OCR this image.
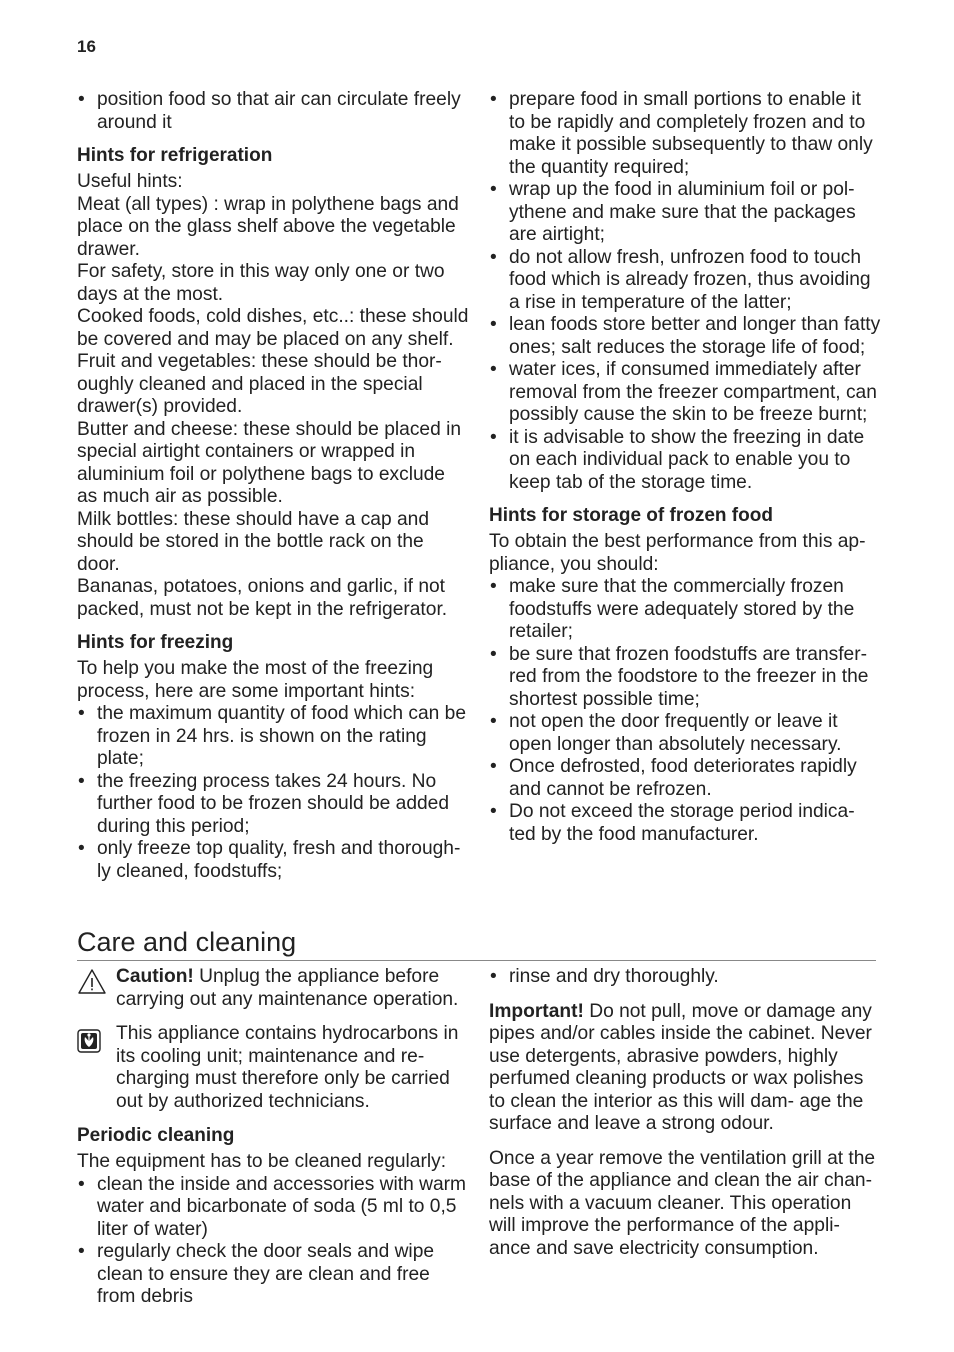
16
• position food so that air can circulate freely around it
Hints for refrigeration

Useful hints:

Meat (all types) : wrap in polythene bags and place on the glass shelf above the vegetable drawer.

For safety, store in this way only one or two days at the most.

Cooked foods, cold dishes, etc..: these should be covered and may be placed on any shelf.

Fruit and vegetables: these should be thor- oughly cleaned and placed in the special drawer(s) provided.

Butter and cheese: these should be placed in special airtight containers or wrapped in aluminium foil or polythene bags to exclude as much air as possible.

Milk bottles: these should have a cap and should be stored in the bottle rack on the door.

Bananas, potatoes, onions and garlic, if not packed, must not be kept in the refrigerator.

Hints for freezing

To help you make the most of the freezing process, here are some important hints:

• the maximum quantity of food which can be frozen in 24 hrs. is shown on the rating plate;
• the freezing process takes 24 hours. No further food to be frozen should be added during this period;
• only freeze top quality, fresh and thorough- ly cleaned, foodstuffs;
• prepare food in small portions to enable it to be rapidly and completely frozen and to make it possible subsequently to thaw only the quantity required;
• wrap up the food in aluminium foil or pol- ythene and make sure that the packages are airtight;
• do not allow fresh, unfrozen food to touch food which is already frozen, thus avoiding a rise in temperature of the latter;
• lean foods store better and longer than fatty ones; salt reduces the storage life of food;
• water ices, if consumed immediately after removal from the freezer compartment, can possibly cause the skin to be freeze burnt;
• it is advisable to show the freezing in date on each individual pack to enable you to keep tab of the storage time.
Hints for storage of frozen food

To obtain the best performance from this ap- pliance, you should:

• make sure that the commercially frozen foodstuffs were adequately stored by the retailer;
• be sure that frozen foodstuffs are transfer- red from the foodstore to the freezer in the shortest possible time;
• not open the door frequently or leave it open longer than absolutely necessary.
• Once defrosted, food deteriorates rapidly and cannot be refrozen.
• Do not exceed the storage period indica- ted by the food manufacturer.
Care and cleaning
Caution! Unplug the appliance before carrying out any maintenance operation.
This appliance contains hydrocarbons in its cooling unit; maintenance and re- charging must therefore only be carried out by authorized technicians.
Periodic cleaning

The equipment has to be cleaned regularly:

• clean the inside and accessories with warm water and bicarbonate of soda (5 ml to 0,5 liter of water)
• regularly check the door seals and wipe clean to ensure they are clean and free from debris
• rinse and dry thoroughly.

Important! Do not pull, move or damage any pipes and/or cables inside the cabinet. Never use detergents, abrasive powders, highly perfumed cleaning products or wax polishes to clean the interior as this will dam- age the surface and leave a strong odour.

Once a year remove the ventilation grill at the base of the appliance and clean the air chan- nels with a vacuum cleaner. This operation will improve the performance of the appli- ance and save electricity consumption.
